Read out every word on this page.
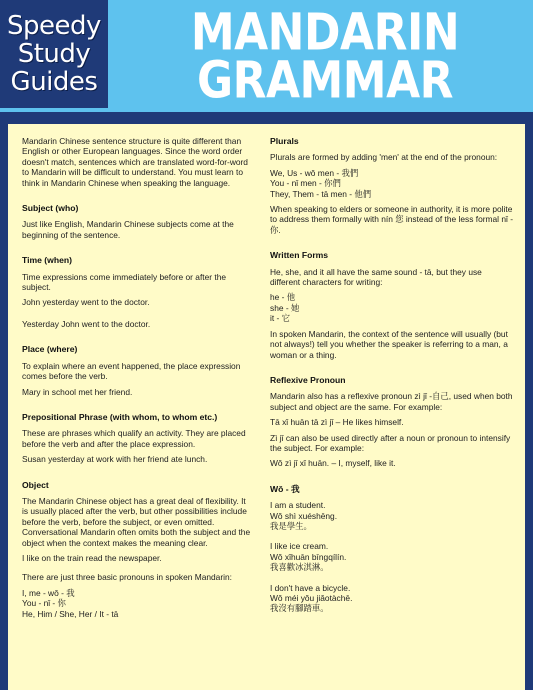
Speedy
Study
Guides
MANDARIN
GRAMMAR

Mandarin Chinese sentence structure is quite different than English or other European languages. Since the word order doesn't match, sentences which are translated word-for-word to Mandarin will be difficult to understand. You must learn to think in Mandarin Chinese when speaking the language.

Subject (who)

Just like English, Mandarin Chinese subjects come at the beginning of the sentence.

Time (when)

Time expressions come immediately before or after the subject.

John yesterday went to the doctor.

Yesterday John went to the doctor.

Place (where)

To explain where an event happened, the place expression comes before the verb.

Mary in school met her friend.

Prepositional Phrase (with whom, to whom etc.)

These are phrases which qualify an activity. They are placed before the verb and after the place expression.

Susan yesterday at work with her friend ate lunch.

Object

The Mandarin Chinese object has a great deal of flexibility. It is usually placed after the verb, but other possibilities include before the verb, before the subject, or even omitted. Conversational Mandarin often omits both the subject and the object when the context makes the meaning clear.

I like on the train read the newspaper.

There are just three basic pronouns in spoken Mandarin:

I, me - wǒ - 我
You - nǐ - 你
He, Him / She, Her / It - tā
Plurals

Plurals are formed by adding 'men' at the end of the pronoun:

We, Us - wǒ men - 我們
You - nǐ men - 你們
They, Them - tā men - 他們

When speaking to elders or someone in authority, it is more polite to address them formally with nín 您 instead of the less formal nǐ - 你.

Written Forms

He, she, and it all have the same sound - tā, but they use different characters for writing:

he - 他
she - 她
it - 它

In spoken Mandarin, the context of the sentence will usually (but not always!) tell you whether the speaker is referring to a man, a woman or a thing.

Reflexive Pronoun

Mandarin also has a reflexive pronoun zì jǐ -自己, used when both subject and object are the same. For example:

Tā xǐ huān tā zì jǐ – He likes himself.

Zì jǐ can also be used directly after a noun or pronoun to intensify the subject. For example:

Wǒ zì jǐ xǐ huān. – I, myself, like it.

Wǒ - 我
I am a student.
Wǒ shì xuéshēng.
我是學生。
I like ice cream.
Wǒ xǐhuān bīngqílín.
我喜歡冰淇淋。
I don't have a bicycle.
Wǒ méi yǒu jiǎotàchē.
我沒有腳踏車。
